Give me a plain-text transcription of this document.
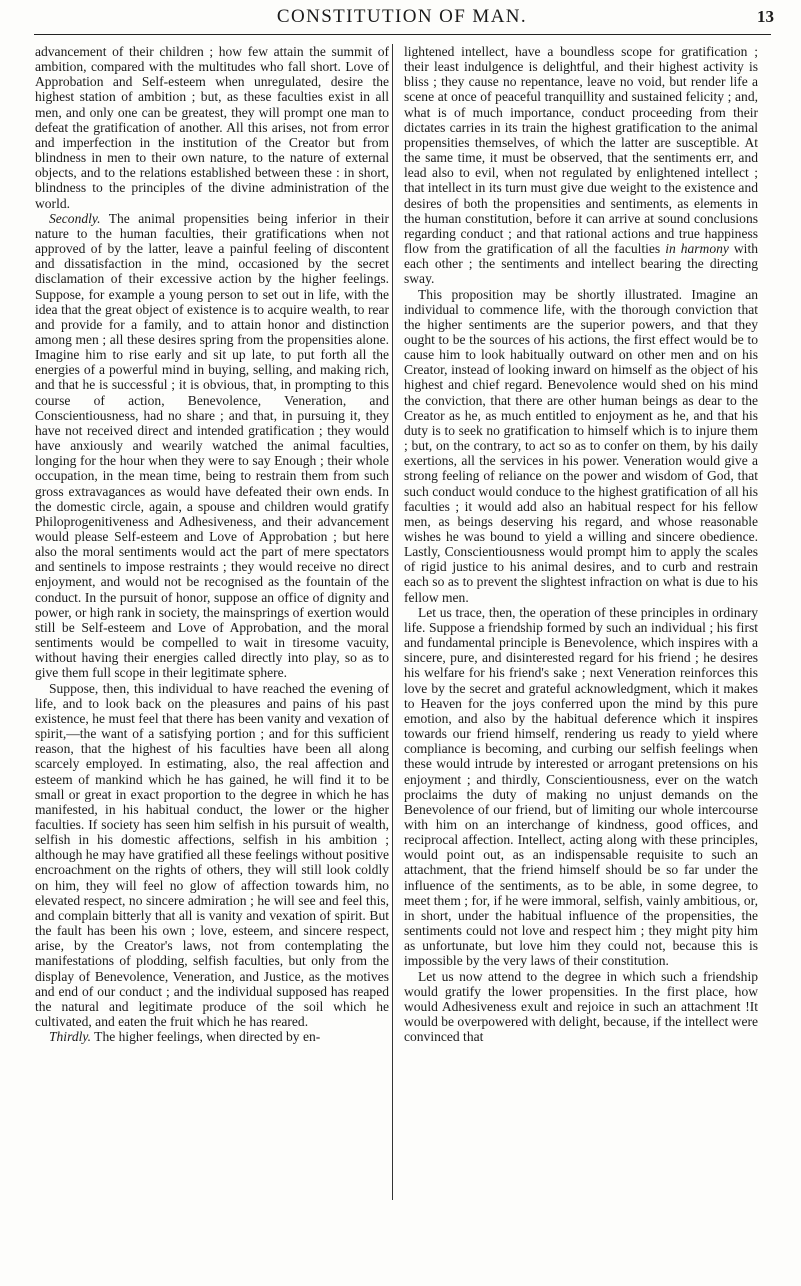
CONSTITUTION OF MAN.	13

advancement of their children ; how few attain the summit of ambition, compared with the multitudes who fall short. Love of Approbation and Self-esteem when unregulated, desire the highest station of ambition ; but, as these faculties exist in all men, and only one can be greatest, they will prompt one man to defeat the gratification of another. All this arises, not from error and imperfection in the institution of the Creator but from blindness in men to their own nature, to the nature of external objects, and to the relations established between these : in short, blindness to the principles of the divine administration of the world.

Secondly. The animal propensities being inferior in their nature to the human faculties, their gratifications when not approved of by the latter, leave a painful feeling of discontent and dissatisfaction in the mind, occasioned by the secret disclamation of their excessive action by the higher feelings. Suppose, for example a young person to set out in life, with the idea that the great object of existence is to acquire wealth, to rear and provide for a family, and to attain honor and distinction among men ; all these desires spring from the propensities alone. Imagine him to rise early and sit up late, to put forth all the energies of a powerful mind in buying, selling, and making rich, and that he is successful ; it is obvious, that, in prompting to this course of action, Benevolence, Veneration, and Conscientiousness, had no share ; and that, in pursuing it, they have not received direct and intended gratification ; they would have anxiously and wearily watched the animal faculties, longing for the hour when they were to say Enough ; their whole occupation, in the mean time, being to restrain them from such gross extravagances as would have defeated their own ends. In the domestic circle, again, a spouse and children would gratify Philoprogenitiveness and Adhesiveness, and their advancement would please Self-esteem and Love of Approbation ; but here also the moral sentiments would act the part of mere spectators and sentinels to impose restraints ; they would receive no direct enjoyment, and would not be recognised as the fountain of the conduct. In the pursuit of honor, suppose an office of dignity and power, or high rank in society, the mainsprings of exertion would still be Self-esteem and Love of Approbation, and the moral sentiments would be compelled to wait in tiresome vacuity, without having their energies called directly into play, so as to give them full scope in their legitimate sphere.

Suppose, then, this individual to have reached the evening of life, and to look back on the pleasures and pains of his past existence, he must feel that there has been vanity and vexation of spirit,—the want of a satisfying portion ; and for this sufficient reason, that the highest of his faculties have been all along scarcely employed. In estimating, also, the real affection and esteem of mankind which he has gained, he will find it to be small or great in exact proportion to the degree in which he has manifested, in his habitual conduct, the lower or the higher faculties. If society has seen him selfish in his pursuit of wealth, selfish in his domestic affections, selfish in his ambition ; although he may have gratified all these feelings without positive encroachment on the rights of others, they will still look coldly on him, they will feel no glow of affection towards him, no elevated respect, no sincere admiration ; he will see and feel this, and complain bitterly that all is vanity and vexation of spirit. But the fault has been his own ; love, esteem, and sincere respect, arise, by the Creator's laws, not from contemplating the manifestations of plodding, selfish faculties, but only from the display of Benevolence, Veneration, and Justice, as the motives and end of our conduct ; and the individual supposed has reaped the natural and legitimate produce of the soil which he cultivated, and eaten the fruit which he has reared.

Thirdly. The higher feelings, when directed by en-

lightened intellect, have a boundless scope for gratification ; their least indulgence is delightful, and their highest activity is bliss ; they cause no repentance, leave no void, but render life a scene at once of peaceful tranquillity and sustained felicity ; and, what is of much importance, conduct proceeding from their dictates carries in its train the highest gratification to the animal propensities themselves, of which the latter are susceptible. At the same time, it must be observed, that the sentiments err, and lead also to evil, when not regulated by enlightened intellect ; that intellect in its turn must give due weight to the existence and desires of both the propensities and sentiments, as elements in the human constitution, before it can arrive at sound conclusions regarding conduct ; and that rational actions and true happiness flow from the gratification of all the faculties in harmony with each other ; the sentiments and intellect bearing the directing sway.

This proposition may be shortly illustrated. Imagine an individual to commence life, with the thorough conviction that the higher sentiments are the superior powers, and that they ought to be the sources of his actions, the first effect would be to cause him to look habitually outward on other men and on his Creator, instead of looking inward on himself as the object of his highest and chief regard. Benevolence would shed on his mind the conviction, that there are other human beings as dear to the Creator as he, as much entitled to enjoyment as he, and that his duty is to seek no gratification to himself which is to injure them ; but, on the contrary, to act so as to confer on them, by his daily exertions, all the services in his power. Veneration would give a strong feeling of reliance on the power and wisdom of God, that such conduct would conduce to the highest gratification of all his faculties ; it would add also an habitual respect for his fellow men, as beings deserving his regard, and whose reasonable wishes he was bound to yield a willing and sincere obedience. Lastly, Conscientiousness would prompt him to apply the scales of rigid justice to his animal desires, and to curb and restrain each so as to prevent the slightest infraction on what is due to his fellow men.

Let us trace, then, the operation of these principles in ordinary life. Suppose a friendship formed by such an individual ; his first and fundamental principle is Benevolence, which inspires with a sincere, pure, and disinterested regard for his friend ; he desires his welfare for his friend's sake ; next Veneration reinforces this love by the secret and grateful acknowledgment, which it makes to Heaven for the joys conferred upon the mind by this pure emotion, and also by the habitual deference which it inspires towards our friend himself, rendering us ready to yield where compliance is becoming, and curbing our selfish feelings when these would intrude by interested or arrogant pretensions on his enjoyment ; and thirdly, Conscientiousness, ever on the watch proclaims the duty of making no unjust demands on the Benevolence of our friend, but of limiting our whole intercourse with him on an interchange of kindness, good offices, and reciprocal affection. Intellect, acting along with these principles, would point out, as an indispensable requisite to such an attachment, that the friend himself should be so far under the influence of the sentiments, as to be able, in some degree, to meet them ; for, if he were immoral, selfish, vainly ambitious, or, in short, under the habitual influence of the propensities, the sentiments could not love and respect him ; they might pity him as unfortunate, but love him they could not, because this is impossible by the very laws of their constitution.

Let us now attend to the degree in which such a friendship would gratify the lower propensities. In the first place, how would Adhesiveness exult and rejoice in such an attachment !It would be overpowered with delight, because, if the intellect were convinced that
